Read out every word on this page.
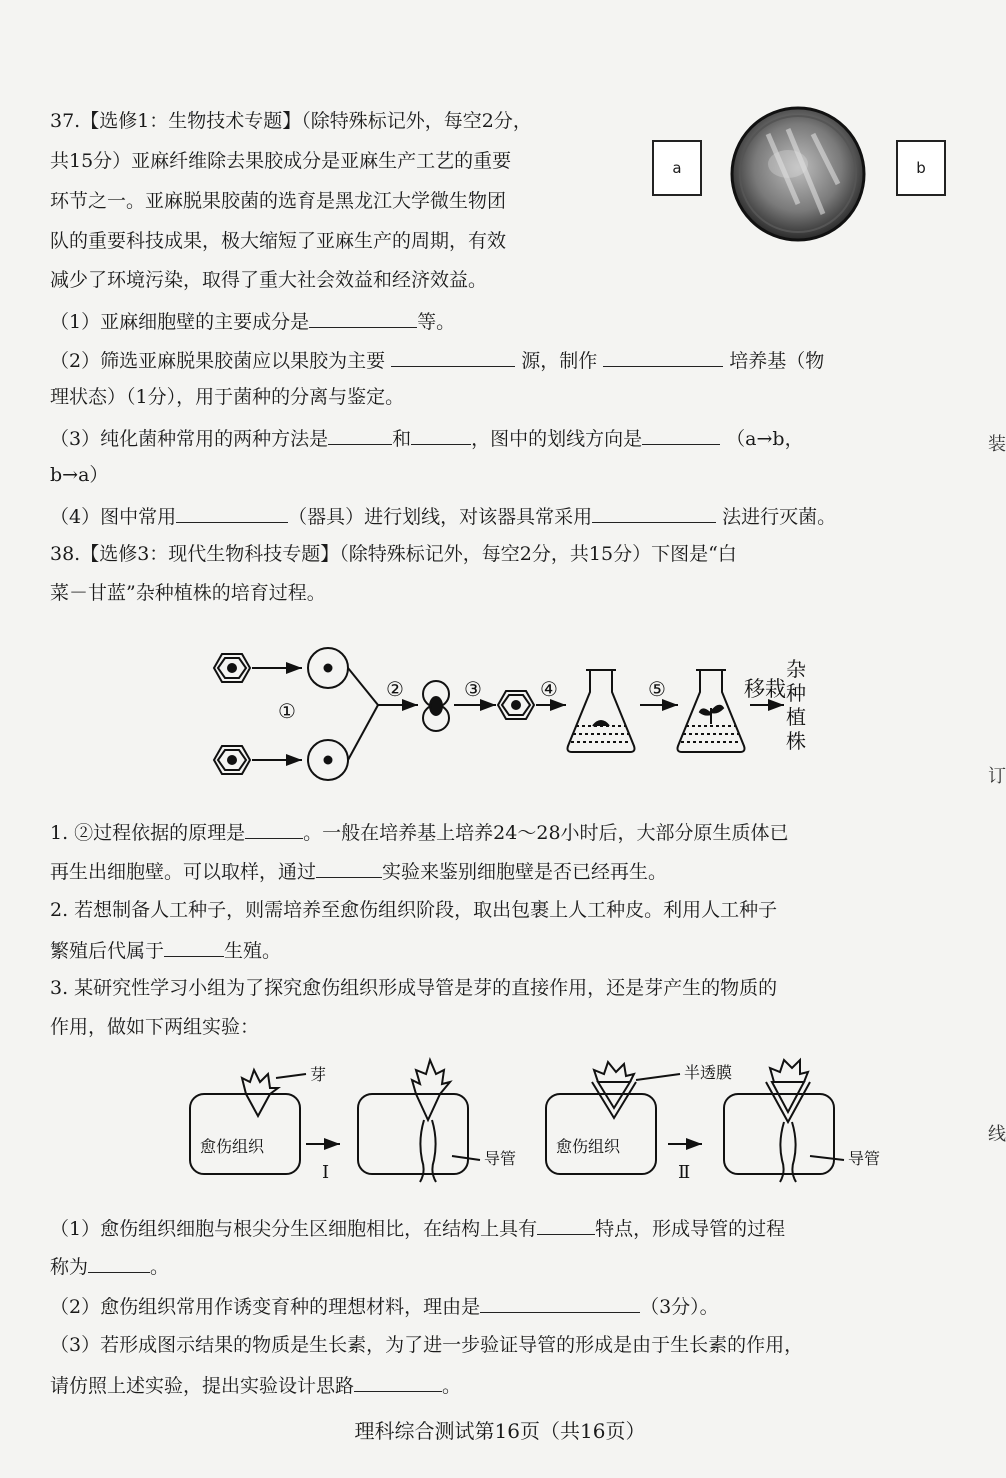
37.【选修1：生物技术专题】（除特殊标记外，每空2分，
共15分）亚麻纤维除去果胶成分是亚麻生产工艺的重要
环节之一。亚麻脱果胶菌的选育是黑龙江大学微生物团
队的重要科技成果，极大缩短了亚麻生产的周期，有效
减少了环境污染，取得了重大社会效益和经济效益。
a	b
（1）亚麻细胞壁的主要成分是	等。
（2）筛选亚麻脱果胶菌应以果胶为主要	源，制作	培养基（物
理状态）（1分），用于菌种的分离与鉴定。
（3）纯化菌种常用的两种方法是	和	，图中的划线方向是	（a→b，
b→a）
（4）图中常用	（器具）进行划线，对该器具常采用	法进行灭菌。
38.【选修3：现代生物科技专题】（除特殊标记外，每空2分，共15分）下图是“白
菜－甘蓝”杂种植株的培育过程。
①
②	③	④	⑤	移栽
杂
种
植
株
1. ②过程依据的原理是	。一般在培养基上培养24～28小时后，大部分原生质体已
再生出细胞壁。可以取样，通过	实验来鉴别细胞壁是否已经再生。
2. 若想制备人工种子，则需培养至愈伤组织阶段，取出包裹上人工种皮。利用人工种子
繁殖后代属于	生殖。
3. 某研究性学习小组为了探究愈伤组织形成导管是芽的直接作用，还是芽产生的物质的
作用，做如下两组实验：
芽
愈伤组织
Ⅰ
导管
半透膜
愈伤组织
Ⅱ
导管
（1）愈伤组织细胞与根尖分生区细胞相比，在结构上具有	特点，形成导管的过程
称为	。
（2）愈伤组织常用作诱变育种的理想材料，理由是	（3分）。
（3）若形成图示结果的物质是生长素，为了进一步验证导管的形成是由于生长素的作用，
请仿照上述实验，提出实验设计思路	。
理科综合测试第16页（共16页）
装
订
线
